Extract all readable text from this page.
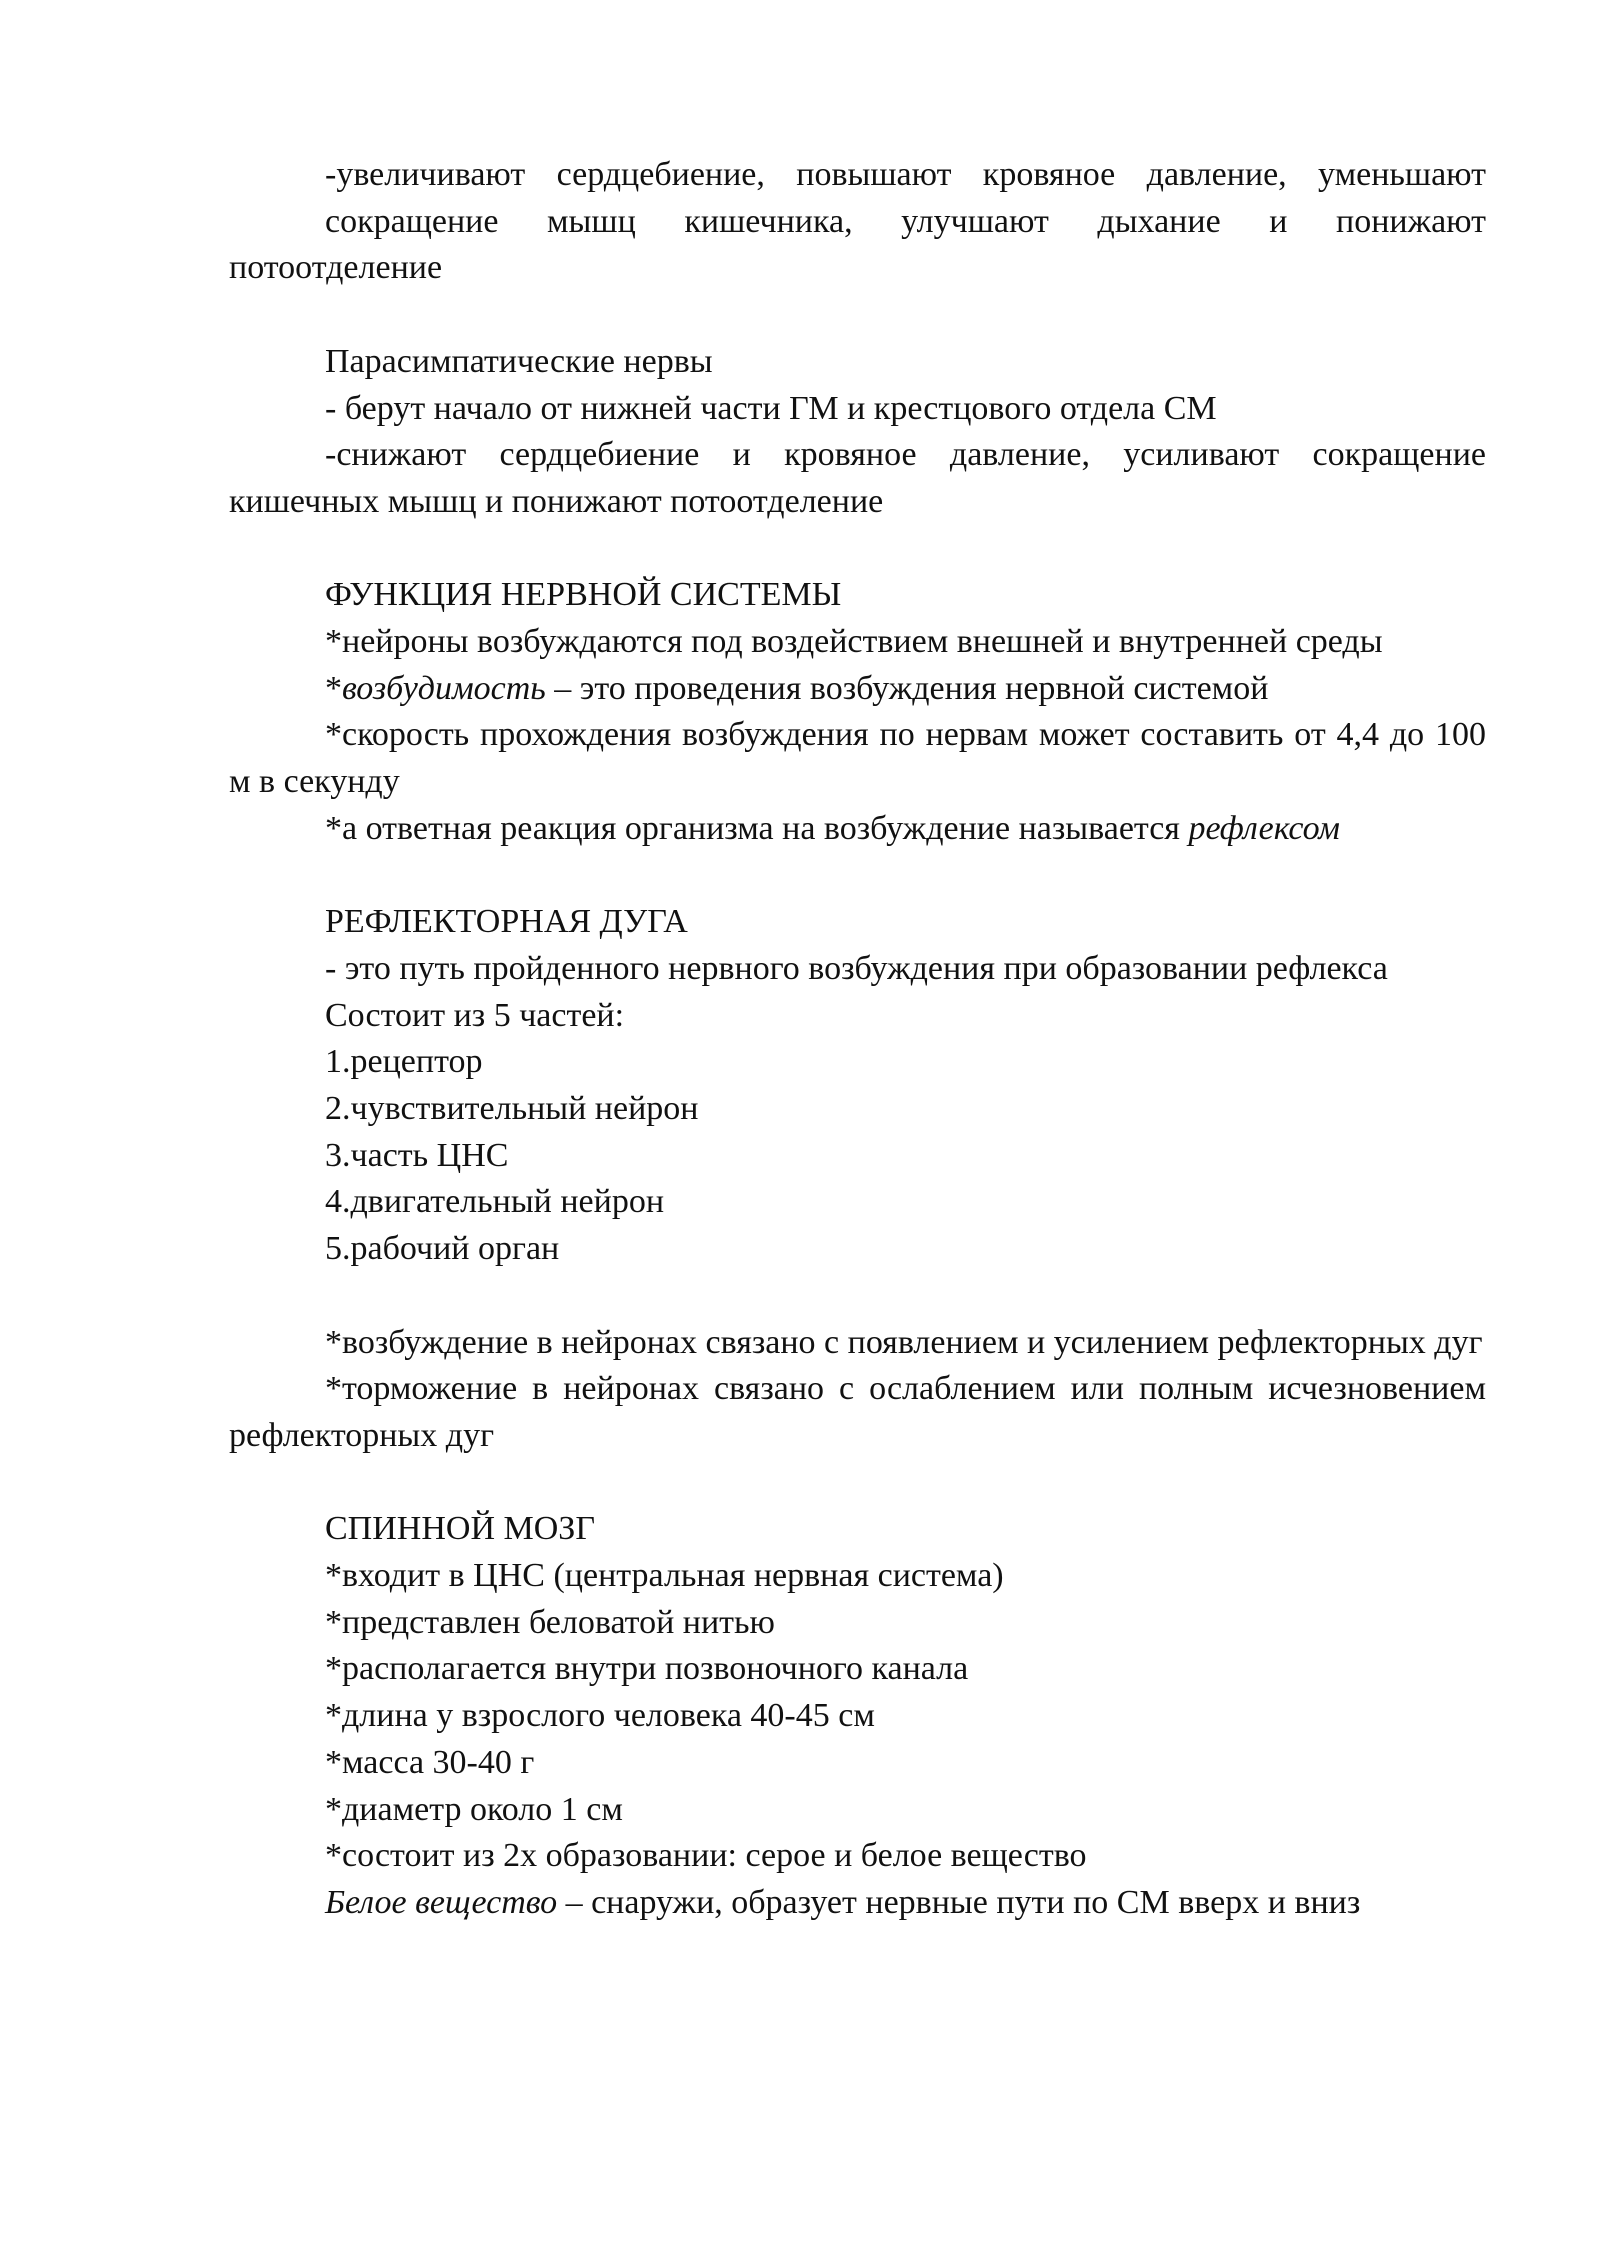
-увеличивают сердцебиение, повышают кровяное давление, уменьшают
сокращение мышц кишечника, улучшают дыхание и понижают
потоотделение

Парасимпатические нервы

- берут начало от нижней части ГМ и крестцового отдела СМ

-снижают сердцебиение и кровяное давление, усиливают сокращение кишечных мышц и понижают потоотделение

ФУНКЦИЯ НЕРВНОЙ СИСТЕМЫ

*нейроны возбуждаются под воздействием внешней и внутренней среды

*возбудимость – это проведения возбуждения нервной системой

*скорость прохождения возбуждения по нервам может составить от 4,4 до 100 м в секунду

*а ответная реакция организма на возбуждение называется рефлексом

РЕФЛЕКТОРНАЯ ДУГА

- это путь пройденного нервного возбуждения при образовании рефлекса

Состоит из 5 частей:

1.рецептор

2.чувствительный нейрон

3.часть ЦНС

4.двигательный нейрон

5.рабочий орган

*возбуждение в нейронах связано с появлением и усилением рефлекторных дуг

*торможение в нейронах связано с ослаблением или полным исчезновением рефлекторных дуг

СПИННОЙ МОЗГ

*входит в ЦНС (центральная нервная система)

*представлен беловатой нитью

*располагается внутри позвоночного канала

*длина у взрослого человека 40-45 см

*масса 30-40 г

*диаметр около 1 см

*состоит из 2х образовании: серое и белое вещество

Белое вещество – снаружи, образует нервные пути по СМ вверх и вниз
